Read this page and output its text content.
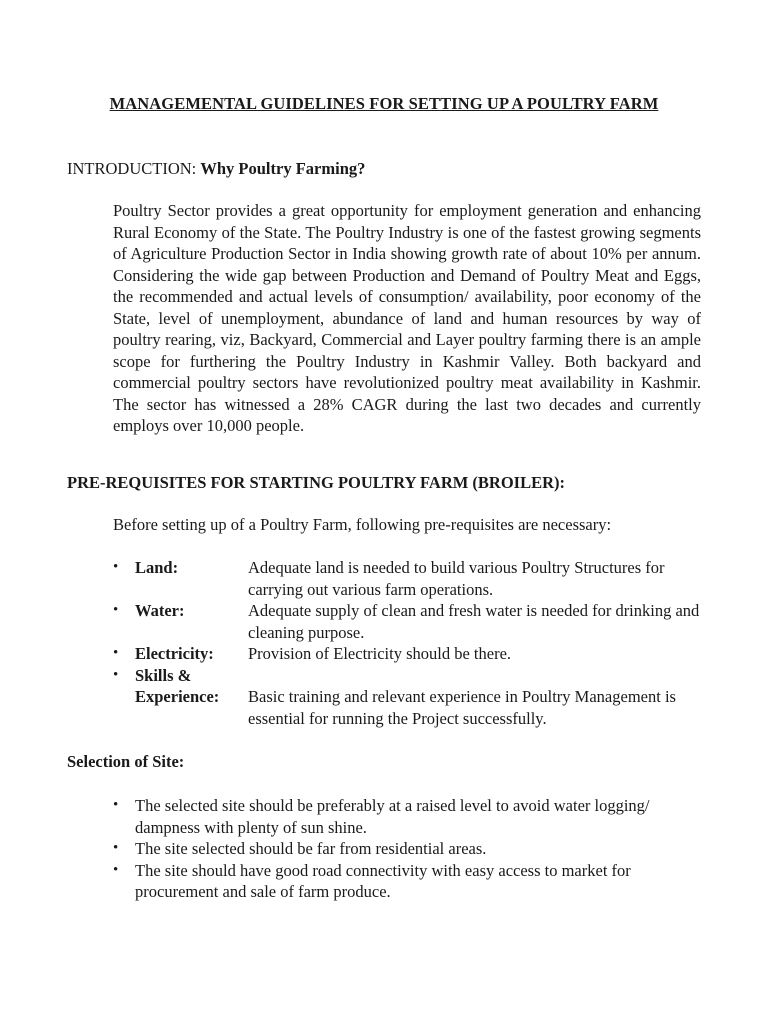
MANAGEMENTAL GUIDELINES FOR SETTING UP A POULTRY FARM
INTRODUCTION: Why Poultry Farming?

Poultry Sector provides a great opportunity for employment generation and enhancing Rural Economy of the State. The Poultry Industry is one of the fastest growing segments of Agriculture Production Sector in India showing growth rate of about 10% per annum. Considering the wide gap between Production and Demand of Poultry Meat and Eggs, the recommended and actual levels of consumption/ availability, poor economy of the State, level of unemployment, abundance of land and human resources by way of poultry rearing, viz, Backyard, Commercial and Layer poultry farming there is an ample scope for furthering the Poultry Industry in Kashmir Valley. Both backyard and commercial poultry sectors have revolutionized poultry meat availability in Kashmir. The sector has witnessed a 28% CAGR during the last two decades and currently employs over 10,000 people.

PRE-REQUISITES FOR STARTING POULTRY FARM (BROILER):
Before setting up of a Poultry Farm, following pre-requisites are necessary:
•	Land:	Adequate land is needed to build various Poultry Structures for carrying out various farm operations.
•	Water:	Adequate supply of clean and fresh water is needed for drinking and cleaning purpose.
•	Electricity:	Provision of Electricity should be there.
•	Skills &
Experience:	Basic training and relevant experience in Poultry Management is essential for running the Project successfully.
Selection of Site:
•	The selected site should be preferably at a raised level to avoid water logging/ dampness with plenty of sun shine.
•	The site selected should be far from residential areas.
•	The site should have good road connectivity with easy access to market for procurement and sale of farm produce.
